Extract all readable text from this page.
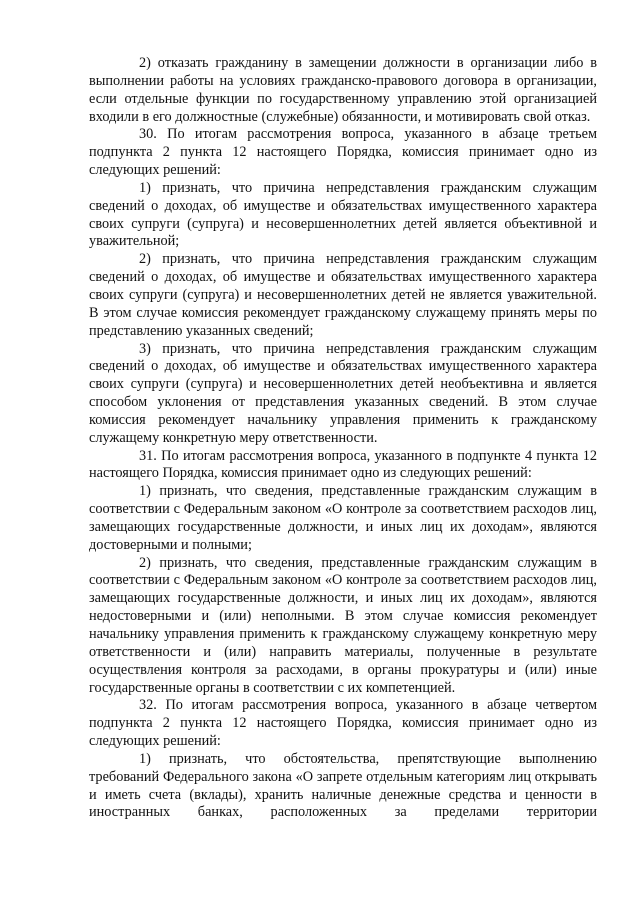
2) отказать гражданину в замещении должности в организации либо в выполнении работы на условиях гражданско-правового договора в организации, если отдельные функции по государственному управлению этой организацией входили в его должностные (служебные) обязанности, и мотивировать свой отказ.

30. По итогам рассмотрения вопроса, указанного в абзаце третьем подпункта 2 пункта 12 настоящего Порядка, комиссия принимает одно из следующих решений:

1) признать, что причина непредставления гражданским служащим сведений о доходах, об имуществе и обязательствах имущественного характера своих супруги (супруга) и несовершеннолетних детей является объективной и уважительной;

2) признать, что причина непредставления гражданским служащим сведений о доходах, об имуществе и обязательствах имущественного характера своих супруги (супруга) и несовершеннолетних детей не является уважительной. В этом случае комиссия рекомендует гражданскому служащему принять меры по представлению указанных сведений;

3) признать, что причина непредставления гражданским служащим сведений о доходах, об имуществе и обязательствах имущественного характера своих супруги (супруга) и несовершеннолетних детей необъективна и является способом уклонения от представления указанных сведений. В этом случае комиссия рекомендует начальнику управления применить к гражданскому служащему конкретную меру ответственности.

31. По итогам рассмотрения вопроса, указанного в подпункте 4 пункта 12 настоящего Порядка, комиссия принимает одно из следующих решений:

1) признать, что сведения, представленные гражданским служащим в соответствии с Федеральным законом «О контроле за соответствием расходов лиц, замещающих государственные должности, и иных лиц их доходам», являются достоверными и полными;

2) признать, что сведения, представленные гражданским служащим в соответствии с Федеральным законом «О контроле за соответствием расходов лиц, замещающих государственные должности, и иных лиц их доходам», являются недостоверными и (или) неполными. В этом случае комиссия рекомендует начальнику управления применить к гражданскому служащему конкретную меру ответственности и (или) направить материалы, полученные в результате осуществления контроля за расходами, в органы прокуратуры и (или) иные государственные органы в соответствии с их компетенцией.

32. По итогам рассмотрения вопроса, указанного в абзаце четвертом подпункта 2 пункта 12 настоящего Порядка, комиссия принимает одно из следующих решений:

1) признать, что обстоятельства, препятствующие выполнению требований Федерального закона «О запрете отдельным категориям лиц открывать и иметь счета (вклады), хранить наличные денежные средства и ценности в иностранных банках, расположенных за пределами территории
